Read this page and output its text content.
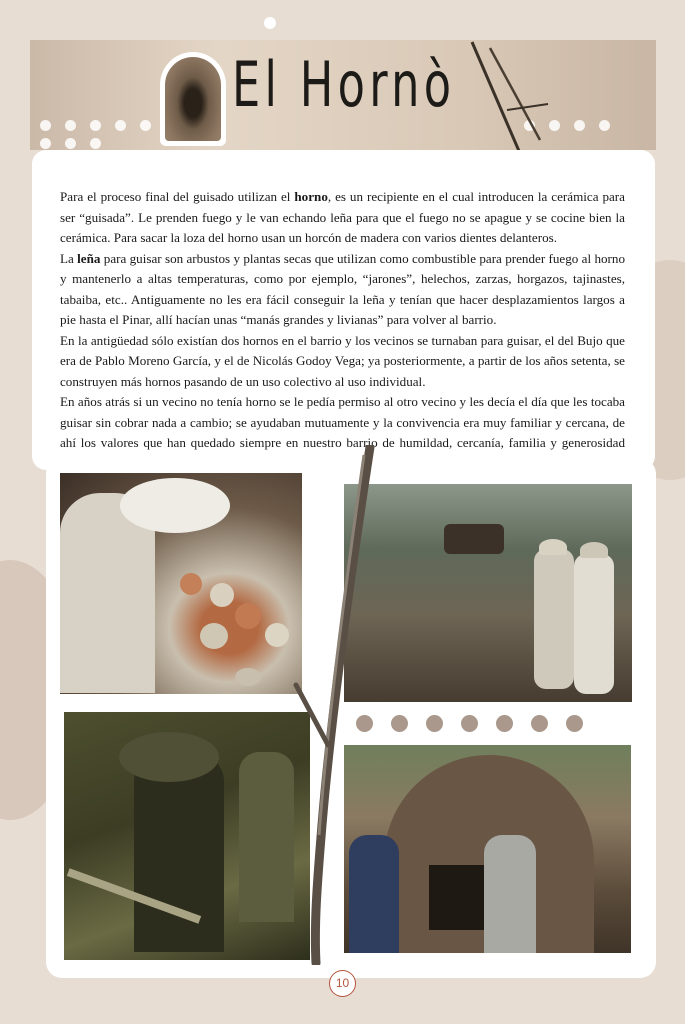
El Hornò

Para el proceso final del guisado utilizan el horno, es un recipiente en el cual introducen la cerámica para ser “guisada”. Le prenden fuego y le van echando leña para que el fuego no se apague y se cocine bien la cerámica. Para sacar la loza del horno usan un horcón de madera con varios dientes delanteros.

La leña para guisar son arbustos y plantas secas que utilizan como combustible para prender fuego al horno y mantenerlo a altas temperaturas, como por ejemplo, “jarones”, helechos, zarzas, horgazos, tajinastes, tabaiba, etc.. Antiguamente no les era fácil conseguir la leña y tenían que hacer desplazamientos largos a pie hasta el Pinar, allí hacían unas “manás grandes y livianas” para volver al barrio.

En la antigüedad sólo existían dos hornos en el barrio y los vecinos se turnaban para guisar, el del Bujo que era de Pablo Moreno García, y el de Nicolás Godoy Vega; ya posteriormente, a partir de los años setenta, se construyen más hornos pasando de un uso colectivo al uso individual.

En años atrás si un vecino no tenía horno se le pedía permiso al otro vecino y les decía el día que les tocaba guisar sin cobrar nada a cambio; se ayudaban mutuamente y la convivencia era muy familiar y cercana, de ahí los valores que han quedado siempre en nuestro barrio de humildad, cercanía, familia y generosidad

10
